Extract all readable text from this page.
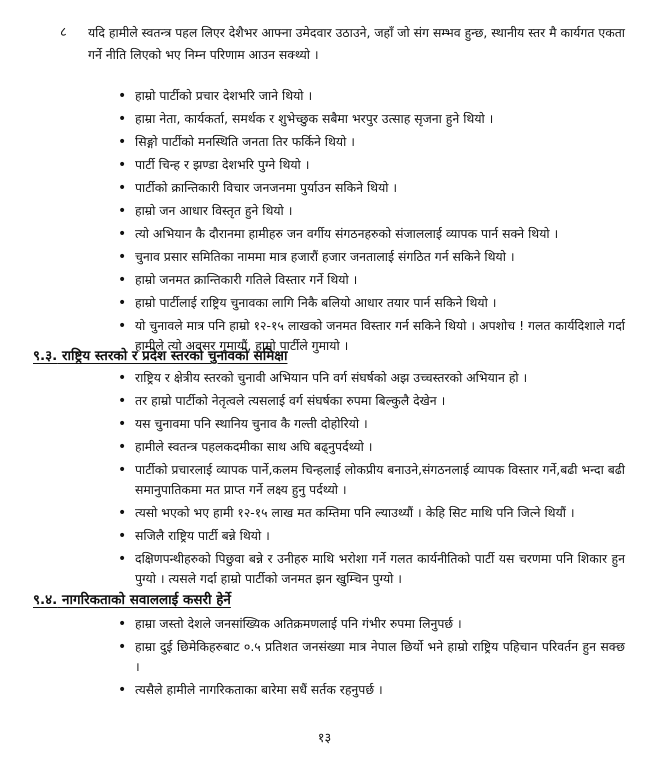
८ यदि हामीले स्वतन्त्र पहल लिएर देशैभर आफ्ना उमेदवार उठाउने, जहाँ जो संग सम्भव हुन्छ, स्थानीय स्तर मै कार्यगत एकता गर्ने नीति लिएको भए निम्न परिणाम आउन सक्थ्यो ।
• हाम्रो पार्टीको प्रचार देशभरि जाने थियो ।
• हाम्रा नेता, कार्यकर्ता, समर्थक र शुभेच्छुक सबैमा भरपुर उत्साह सृजना हुने थियो ।
• सिङ्गो पार्टीको मनस्थिति जनता तिर फर्किने थियो ।
• पार्टी चिन्ह र झण्डा देशभरि पुग्ने थियो ।
• पार्टीको क्रान्तिकारी विचार जनजनमा पुर्याउन सकिने थियो ।
• हाम्रो जन आधार विस्तृत हुने थियो ।
• त्यो अभियान कै दौरानमा हामीहरु जन वर्गीय संगठनहरुको संजाललाई व्यापक पार्न सक्ने थियो ।
• चुनाव प्रसार समितिका नाममा मात्र हजारौं हजार जनतालाई संगठित गर्न सकिने थियो ।
• हाम्रो जनमत क्रान्तिकारी गतिले विस्तार गर्ने थियो ।
• हाम्रो पार्टीलाई राष्ट्रिय चुनावका लागि निकै बलियो आधार तयार पार्न सकिने थियो ।
• यो चुनावले मात्र पनि हाम्रो १२-१५ लाखको जनमत विस्तार गर्न सकिने थियो । अपशोच ! गलत कार्यदिशाले गर्दा हामीले त्यो अवसर गुमायौं, हाम्रो पार्टीले गुमायो ।
९.३. राष्ट्रिय स्तरको र प्रदेश स्तरको चुनावको समिक्षा
• राष्ट्रिय र क्षेत्रीय स्तरको चुनावी अभियान पनि वर्ग संघर्षको अझ उच्चस्तरको अभियान हो ।
• तर हाम्रो पार्टीको नेतृत्वले त्यसलाई वर्ग संघर्षका रुपमा बिल्कुलै देखेन ।
• यस चुनावमा पनि स्थानिय चुनाव कै गल्ती दोहोरियो ।
• हामीले स्वतन्त्र पहलकदमीका साथ अघि बढ्नुपर्दथ्यो ।
• पार्टीको प्रचारलाई व्यापक पार्ने,कलम चिन्हलाई लोकप्रीय बनाउने,संगठनलाई व्यापक विस्तार गर्ने,बढी भन्दा बढी समानुपातिकमा मत प्राप्त गर्ने लक्ष्य हुनु पर्दथ्यो ।
• त्यसो भएको भए हामी १२-१५ लाख मत कम्तिमा पनि ल्याउथ्यौं । केहि सिट माथि पनि जित्ने थियौं ।
• सजिलै राष्ट्रिय पार्टी बन्ने थियो ।
• दक्षिणपन्थीहरुको पिछुवा बन्ने र उनीहरु माथि भरोशा गर्ने गलत कार्यनीतिको पार्टी यस चरणमा पनि शिकार हुन पुग्यो । त्यसले गर्दा हाम्रो पार्टीको जनमत झन खुम्चिन पुग्यो ।
९.४. नागरिकताको सवाललाई कसरी हेर्ने
• हाम्रा जस्तो देशले जनसांख्यिक अतिक्रमणलाई पनि गंभीर रुपमा लिनुपर्छ ।
• हाम्रा दुई छिमेकिहरुबाट ०.५ प्रतिशत जनसंख्या मात्र नेपाल छिर्यो भने हाम्रो राष्ट्रिय पहिचान परिवर्तन हुन सक्छ ।
• त्यसैले हामीले नागरिकताका बारेमा सधैं सर्तक रहनुपर्छ ।
१३
